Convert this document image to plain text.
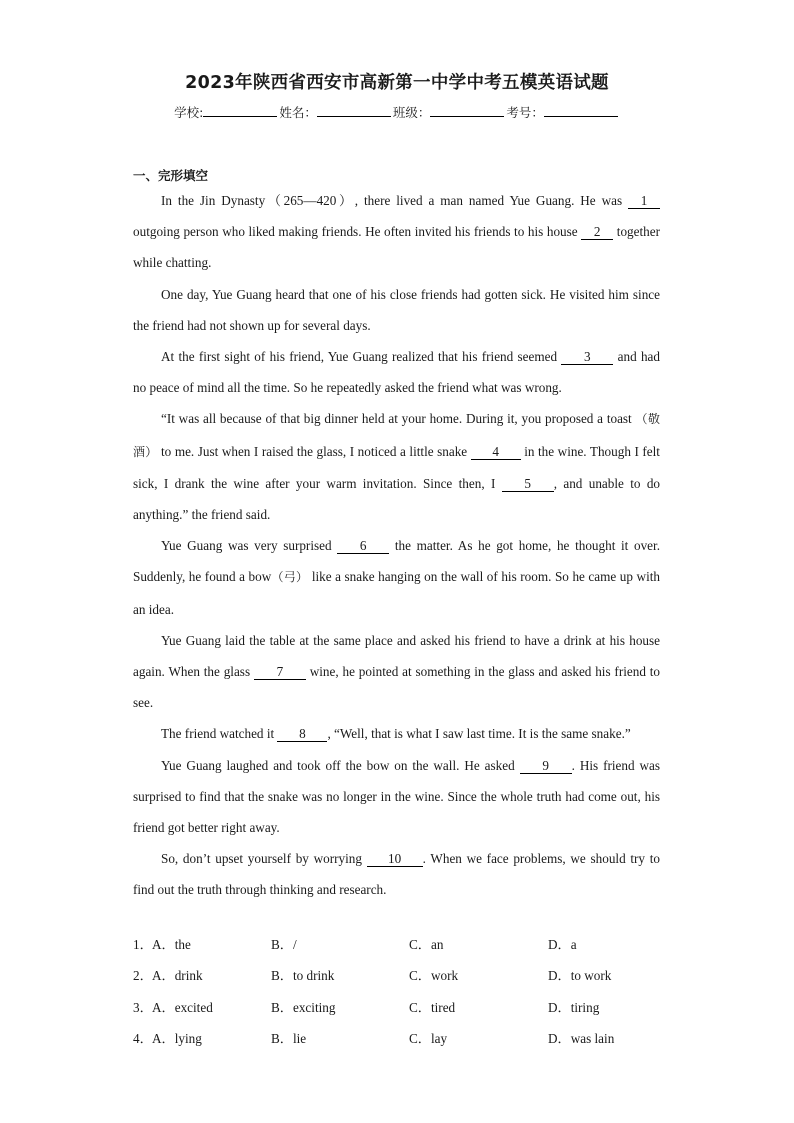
2023年陕西省西安市高新第一中学中考五模英语试题
学校:	姓名：	班级：	考号：
一、完形填空

In the Jin Dynasty（265—420）, there lived a man named Yue Guang. He was 1 outgoing person who liked making friends. He often invited his friends to his house 2 together while chatting.

One day, Yue Guang heard that one of his close friends had gotten sick. He visited him since the friend had not shown up for several days.

At the first sight of his friend, Yue Guang realized that his friend seemed 3 and had no peace of mind all the time. So he repeatedly asked the friend what was wrong.

“It was all because of that big dinner held at your home. During it, you proposed a toast （敬酒） to me. Just when I raised the glass, I noticed a little snake 4 in the wine. Though I felt sick, I drank the wine after your warm invitation. Since then, I 5 , and unable to do anything.” the friend said.

Yue Guang was very surprised 6 the matter. As he got home, he thought it over. Suddenly, he found a bow（弓） like a snake hanging on the wall of his room. So he came up with an idea.

Yue Guang laid the table at the same place and asked his friend to have a drink at his house again. When the glass 7 wine, he pointed at something in the glass and asked his friend to see.

The friend watched it 8 , “Well, that is what I saw last time. It is the same snake.”

Yue Guang laughed and took off the bow on the wall. He asked 9 . His friend was surprised to find that the snake was no longer in the wine. Since the whole truth had come out, his friend got better right away.

So, don’t upset yourself by worrying 10 . When we face problems, we should try to find out the truth through thinking and research.

1． A．the	B．/	C．an	D．a
2． A．drink	B．to drink	C．work	D．to work
3． A．excited	B．exciting	C．tired	D．tiring
4． A．lying	B．lie	C．lay	D．was lain
